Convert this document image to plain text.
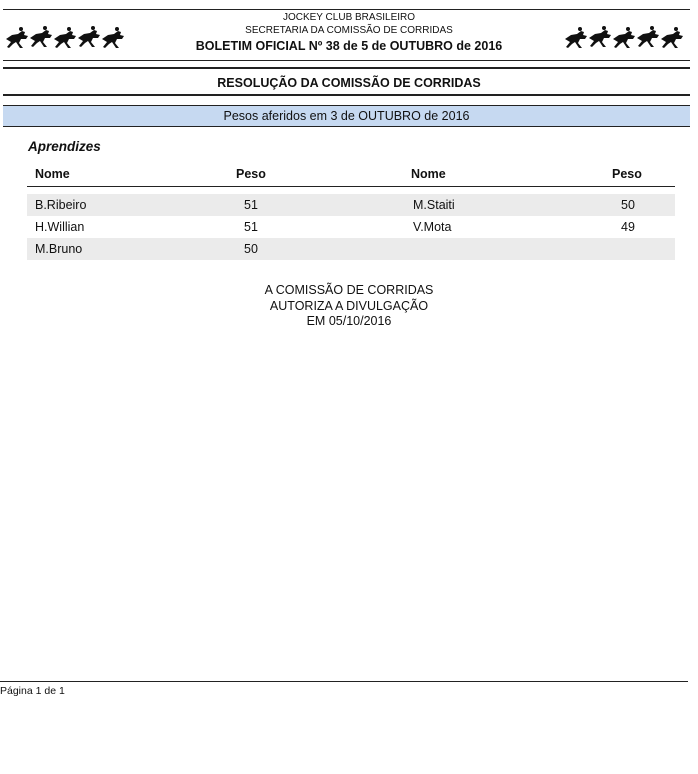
JOCKEY CLUB BRASILEIRO
SECRETARIA DA COMISSÃO DE CORRIDAS
BOLETIM OFICIAL Nº 38 de 5 de OUTUBRO de 2016
RESOLUÇÃO DA COMISSÃO DE CORRIDAS
Pesos aferidos em 3 de OUTUBRO de 2016
Aprendizes
Nome	Peso	Nome	Peso
B.Ribeiro	51	M.Staiti	50
H.Willian	51	V.Mota	49
M.Bruno	50
A COMISSÃO DE CORRIDAS
AUTORIZA A DIVULGAÇÃO
EM 05/10/2016
Página 1 de 1
